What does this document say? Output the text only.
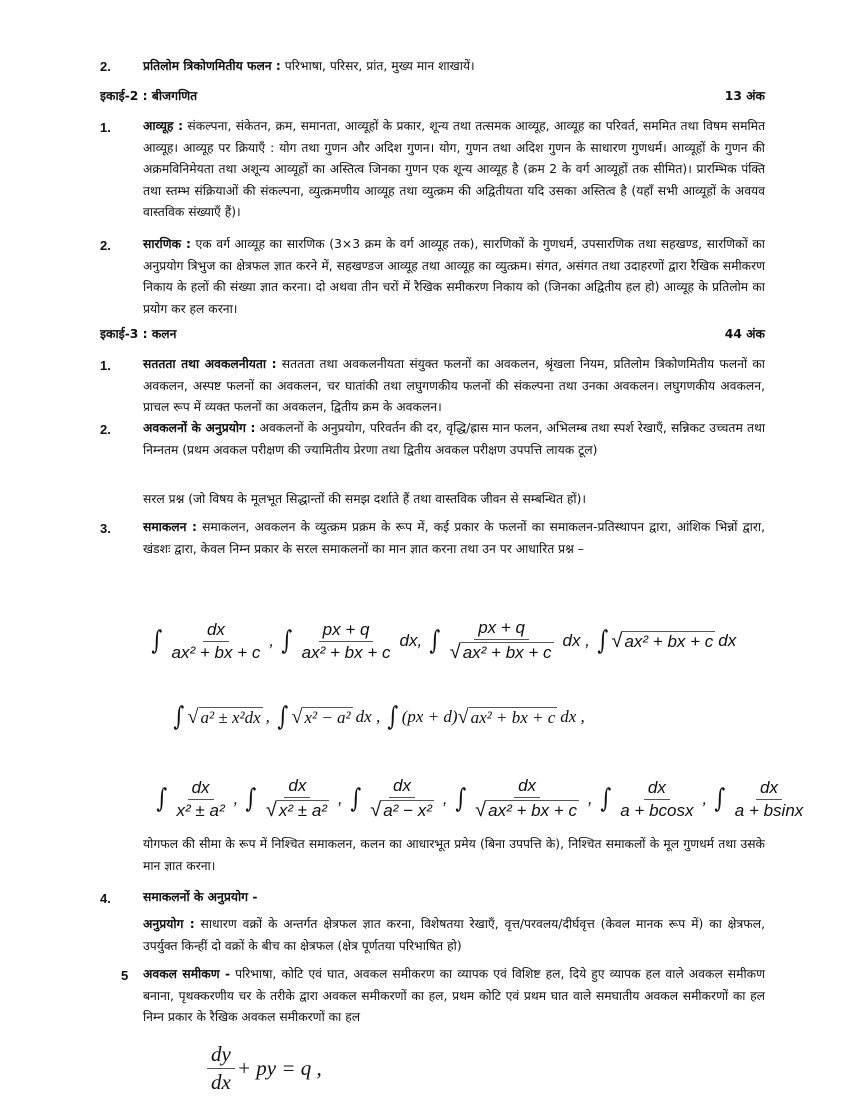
2.	प्रतिलोम त्रिकोणमितीय फलन : परिभाषा, परिसर, प्रांत, मुख्य मान शाखायें।
इकाई-2 : बीजगणित	13 अंक
1.	आव्यूह : संकल्पना, संकेतन, क्रम, समानता, आव्यूहों के प्रकार, शून्य तथा तत्समक आव्यूह, आव्यूह का परिवर्त, सममित तथा विषम सममित आव्यूह। आव्यूह पर क्रियाएँ : योग तथा गुणन और अदिश गुणन। योग, गुणन तथा अदिश गुणन के साधारण गुणधर्म। आव्यूहों के गुणन की अक्रमविनिमेयता तथा अशून्य आव्यूहों का अस्तित्व जिनका गुणन एक शून्य आव्यूह है (क्रम 2 के वर्ग आव्यूहों तक सीमित)। प्रारम्भिक पंक्ति तथा स्तम्भ संक्रियाओं की संकल्पना, व्युत्क्रमणीय आव्यूह तथा व्युत्क्रम की अद्वितीयता यदि उसका अस्तित्व है (यहाँ सभी आव्यूहों के अवयव वास्तविक संख्याएँ हैं)।
2.	सारणिक : एक वर्ग आव्यूह का सारणिक (3×3 क्रम के वर्ग आव्यूह तक), सारणिकों के गुणधर्म, उपसारणिक तथा सहखण्ड, सारणिकों का अनुप्रयोग त्रिभुज का क्षेत्रफल ज्ञात करने में, सहखण्डज आव्यूह तथा आव्यूह का व्युत्क्रम। संगत, असंगत तथा उदाहरणों द्वारा रैखिक समीकरण निकाय के हलों की संख्या ज्ञात करना। दो अथवा तीन चरों में रैखिक समीकरण निकाय को (जिनका अद्वितीय हल हो) आव्यूह के प्रतिलोम का प्रयोग कर हल करना।
इकाई-3 : कलन	44 अंक
1.	सततता तथा अवकलनीयता : सततता तथा अवकलनीयता संयुक्त फलनों का अवकलन, श्रृंखला नियम, प्रतिलोम त्रिकोणमितीय फलनों का अवकलन, अस्पष्ट फलनों का अवकलन, चर घातांकी तथा लघुगणकीय फलनों की संकल्पना तथा उनका अवकलन। लघुगणकीय अवकलन, प्राचल रूप में व्यक्त फलनों का अवकलन, द्वितीय क्रम के अवकलन।
2.	अवकलनों के अनुप्रयोग : अवकलनों के अनुप्रयोग, परिवर्तन की दर, वृद्धि/ह्रास मान फलन, अभिलम्ब तथा स्पर्श रेखाएँ, सन्निकट उच्चतम तथा निम्नतम (प्रथम अवकल परीक्षण की ज्यामितीय प्रेरणा तथा द्वितीय अवकल परीक्षण उपपत्ति लायक टूल)
सरल प्रश्न (जो विषय के मूलभूत सिद्धान्तों की समझ दर्शाते हैं तथा वास्तविक जीवन से सम्बन्धित हों)।
3.	समाकलन : समाकलन, अवकलन के व्युत्क्रम प्रक्रम के रूप में, कई प्रकार के फलनों का समाकलन-प्रतिस्थापन द्वारा, आंशिक भिन्नों द्वारा, खंडशः द्वारा, केवल निम्न प्रकार के सरल समाकलनों का मान ज्ञात करना तथा उन पर आधारित प्रश्न –
∫ $\frac{dx}{\text{ax² + bx + c}}$ , ∫ $\frac{px + q}{\text{ax² + bx + c}}$ dx, ∫ $\frac{px + q}{\text{√ ax² + bx + c}}$ dx , ∫ √ ax² + bx + c dx
∫ √ a² ± x²dx , ∫ √ x² − a² dx , ∫ (px + d) √ ax² + bx + c dx ,
∫ $\frac{dx}{\text{x² ± a²}}$ , ∫ $\frac{dx}{\text{√ x² ± a²}}$ , ∫ $\frac{dx}{\text{√ a² − x²}}$ , ∫ $\frac{dx}{\text{√ ax² + bx + c}}$ , ∫ $\frac{dx}{a + bcosx}$ , ∫ $\frac{dx}{a + bsinx}$
योगफल की सीमा के रूप में निश्चित समाकलन, कलन का आधारभूत प्रमेय (बिना उपपत्ति के), निश्चित समाकलों के मूल गुणधर्म तथा उसके मान ज्ञात करना।
4.	समाकलनों के अनुप्रयोग -
अनुप्रयोग : साधारण वक्रों के अन्तर्गत क्षेत्रफल ज्ञात करना, विशेषतया रेखाएँ, वृत्त/परवलय/दीर्घवृत्त (केवल मानक रूप में) का क्षेत्रफल, उपर्युक्त किन्हीं दो वक्रों के बीच का क्षेत्रफल (क्षेत्र पूर्णतया परिभाषित हो)
5 अवकल समीकण - परिभाषा, कोटि एवं घात, अवकल समीकरण का व्यापक एवं विशिष्ट हल, दिये हुए व्यापक हल वाले अवकल समीकण बनाना, पृथक्करणीय चर के तरीके द्वारा अवकल समीकरणों का हल, प्रथम कोटि एवं प्रथम घात वाले समघातीय अवकल समीकरणों का हल निम्न प्रकार के रैखिक अवकल समीकरणों का हल
$\frac{dy}{dx}$ + py = q ,
